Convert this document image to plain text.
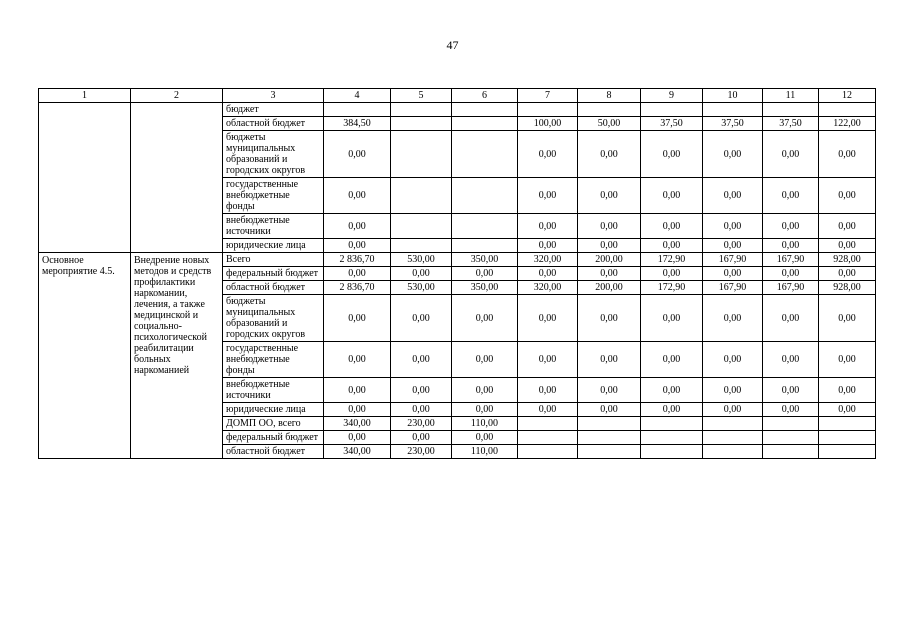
47
1	2	3	4	5	6	7	8	9	10	11	12
		бюджет									
		областной бюджет	384,50			100,00	50,00	37,50	37,50	37,50	122,00
		бюджеты муниципальных образований и городских округов	0,00			0,00	0,00	0,00	0,00	0,00	0,00
		государственные внебюджетные фонды	0,00			0,00	0,00	0,00	0,00	0,00	0,00
		внебюджетные источники	0,00			0,00	0,00	0,00	0,00	0,00	0,00
		юридические лица	0,00			0,00	0,00	0,00	0,00	0,00	0,00
Основное мероприятие 4.5.	Внедрение новых методов и средств профилактики наркомании, лечения, а также медицинской и социально-психологической реабилитации больных наркоманией	Всего	2 836,70	530,00	350,00	320,00	200,00	172,90	167,90	167,90	928,00
		федеральный бюджет	0,00	0,00	0,00	0,00	0,00	0,00	0,00	0,00	0,00
		областной бюджет	2 836,70	530,00	350,00	320,00	200,00	172,90	167,90	167,90	928,00
		бюджеты муниципальных образований и городских округов	0,00	0,00	0,00	0,00	0,00	0,00	0,00	0,00	0,00
		государственные внебюджетные фонды	0,00	0,00	0,00	0,00	0,00	0,00	0,00	0,00	0,00
		внебюджетные источники	0,00	0,00	0,00	0,00	0,00	0,00	0,00	0,00	0,00
		юридические лица	0,00	0,00	0,00	0,00	0,00	0,00	0,00	0,00	0,00
		ДОМП ОО, всего	340,00	230,00	110,00						
		федеральный бюджет	0,00	0,00	0,00						
		областной бюджет	340,00	230,00	110,00						
